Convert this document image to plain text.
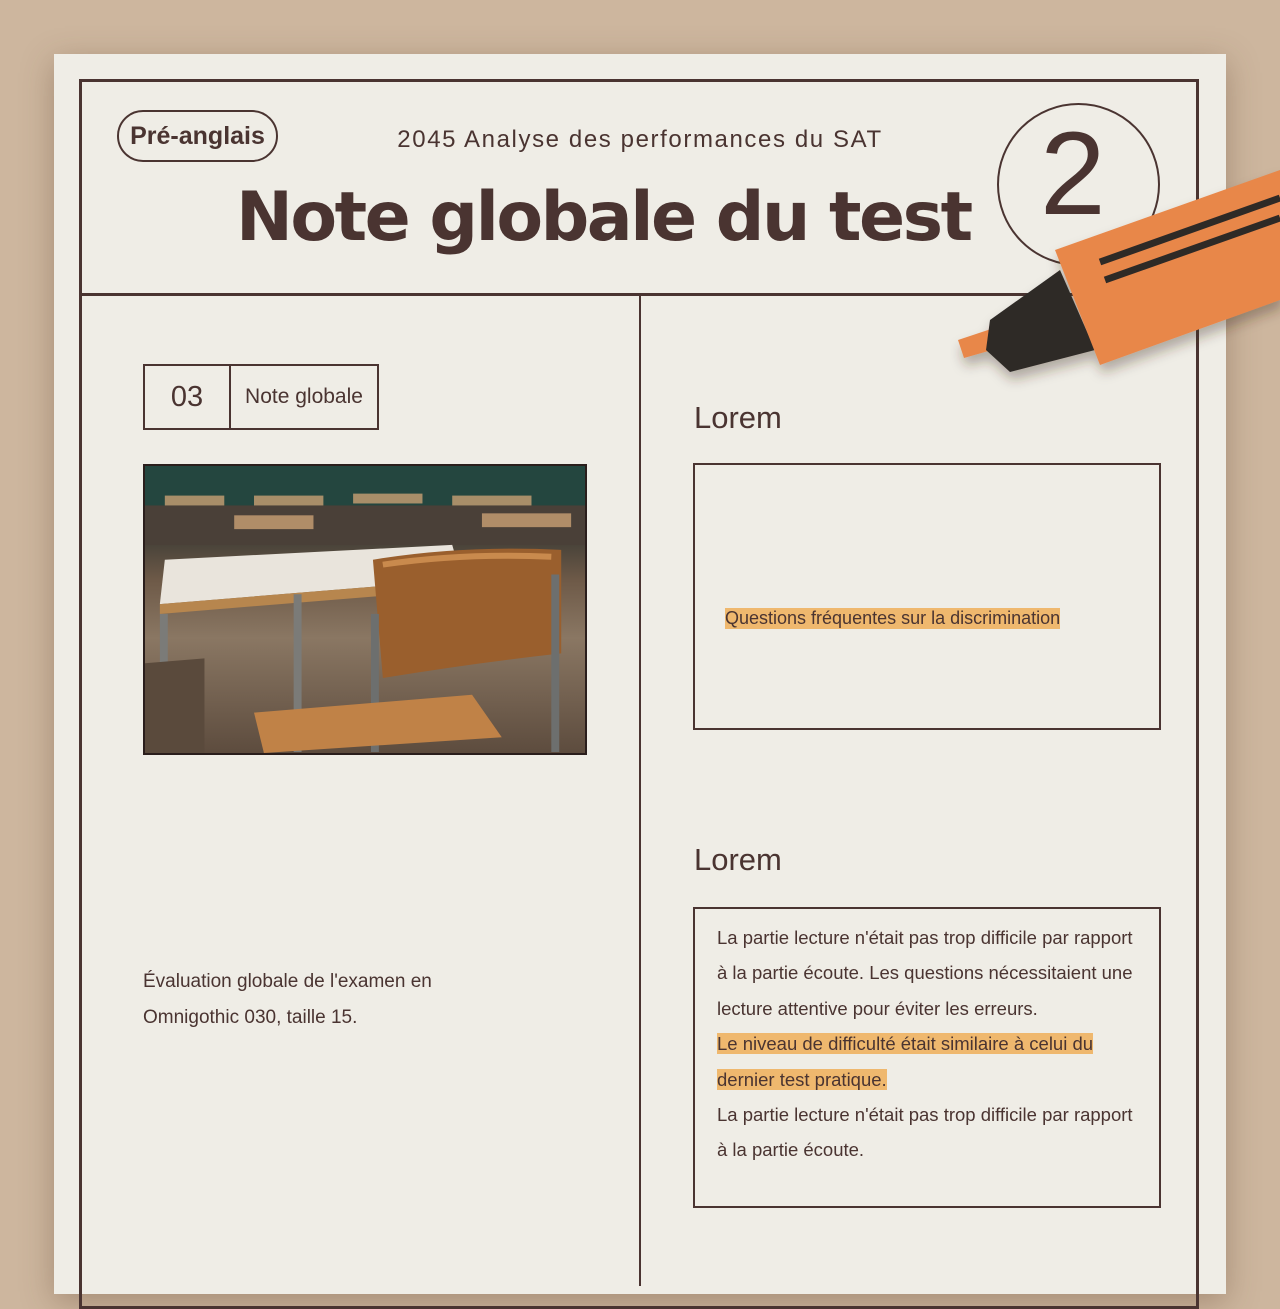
Pré-anglais	2045 Analyse des performances du SAT
Note globale du test 2
03	Note globale
Évaluation globale de l'examen en Omnigothic 030, taille 15.
Lorem
Questions fréquentes sur la discrimination
Lorem

La partie lecture n'était pas trop difficile par rapport à la partie écoute. Les questions nécessitaient une lecture attentive pour éviter les erreurs.

Le niveau de difficulté était similaire à celui du dernier test pratique.

La partie lecture n'était pas trop difficile par rapport à la partie écoute.
